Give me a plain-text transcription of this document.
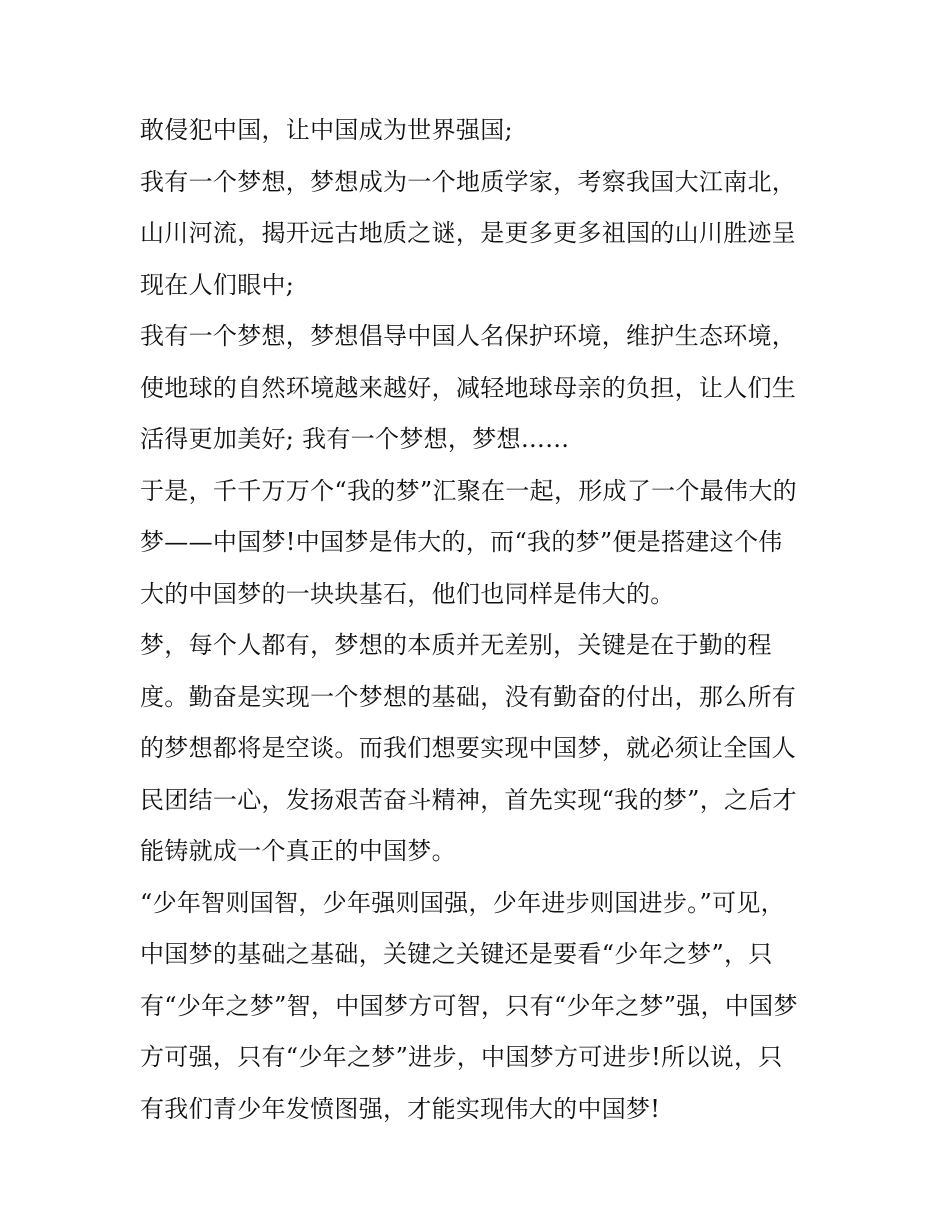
敢侵犯中国，让中国成为世界强国;
我有一个梦想，梦想成为一个地质学家，考察我国大江南北，
山川河流，揭开远古地质之谜，是更多更多祖国的山川胜迹呈
现在人们眼中;
我有一个梦想，梦想倡导中国人名保护环境，维护生态环境，
使地球的自然环境越来越好，减轻地球母亲的负担，让人们生
活得更加美好; 我有一个梦想，梦想……
于是，千千万万个“我的梦”汇聚在一起，形成了一个最伟大的
梦——中国梦!中国梦是伟大的，而“我的梦”便是搭建这个伟
大的中国梦的一块块基石，他们也同样是伟大的。
梦，每个人都有，梦想的本质并无差别，关键是在于勤的程
度。勤奋是实现一个梦想的基础，没有勤奋的付出，那么所有
的梦想都将是空谈。而我们想要实现中国梦，就必须让全国人
民团结一心，发扬艰苦奋斗精神，首先实现“我的梦”，之后才
能铸就成一个真正的中国梦。
“少年智则国智，少年强则国强，少年进步则国进步。”可见，
中国梦的基础之基础，关键之关键还是要看“少年之梦”，只
有“少年之梦”智，中国梦方可智，只有“少年之梦”强，中国梦
方可强，只有“少年之梦”进步，中国梦方可进步!所以说，只
有我们青少年发愤图强，才能实现伟大的中国梦!
